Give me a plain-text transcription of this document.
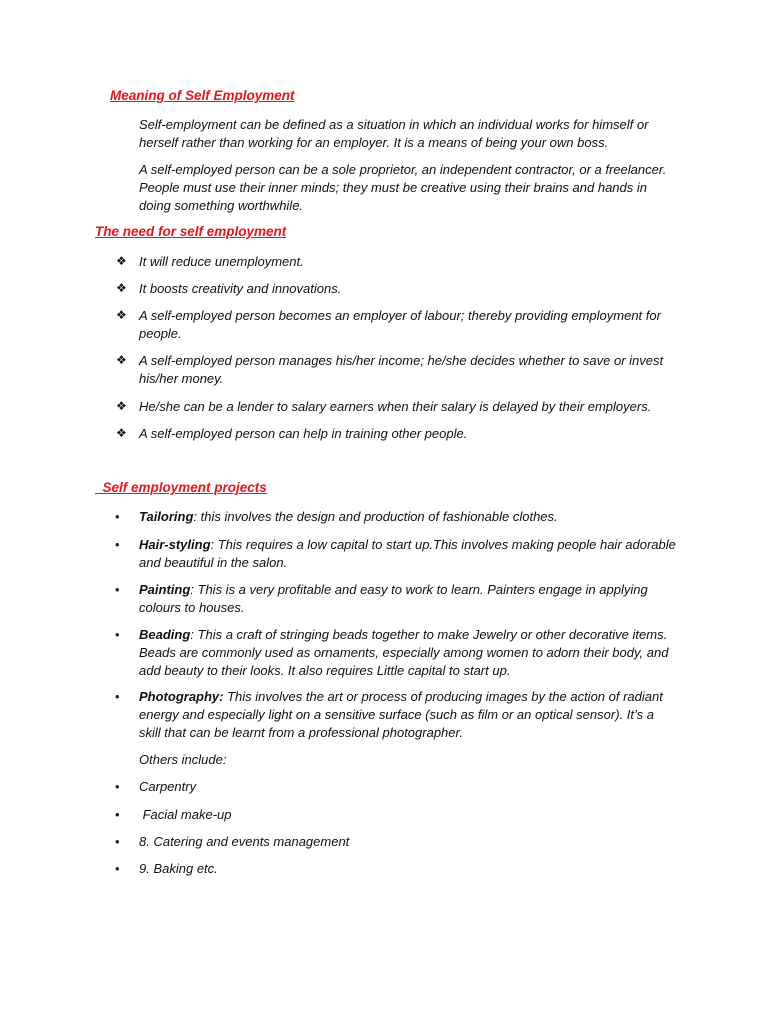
Meaning of Self Employment

Self-employment can be defined as a situation in which an individual works for himself or herself rather than working for an employer. It is a means of being your own boss.

A self-employed person can be a sole proprietor, an independent contractor, or a freelancer. People must use their inner minds; they must be creative using their brains and hands in doing something worthwhile.

The need for self employment
❖ It will reduce unemployment.
❖ It boosts creativity and innovations.
❖ A self-employed person becomes an employer of labour; thereby providing employment for people.
❖ A self-employed person manages his/her income; he/she decides whether to save or invest his/her money.
❖ He/she can be a lender to salary earners when their salary is delayed by their employers.
❖ A self-employed person can help in training other people.
Self employment projects
• Tailoring: this involves the design and production of fashionable clothes.
• Hair-styling: This requires a low capital to start up.This involves making people hair adorable and beautiful in the salon.
• Painting: This is a very profitable and easy to work to learn. Painters engage in applying colours to houses.
• Beading: This a craft of stringing beads together to make Jewelry or other decorative items. Beads are commonly used as ornaments, especially among women to adorn their body, and add beauty to their looks. It also requires Little capital to start up.
• Photography: This involves the art or process of producing images by the action of radiant energy and especially light on a sensitive surface (such as film or an optical sensor). It’s a skill that can be learnt from a professional photographer.
Others include:
• Carpentry
• Facial make-up
• 8. Catering and events management
• 9. Baking etc.
